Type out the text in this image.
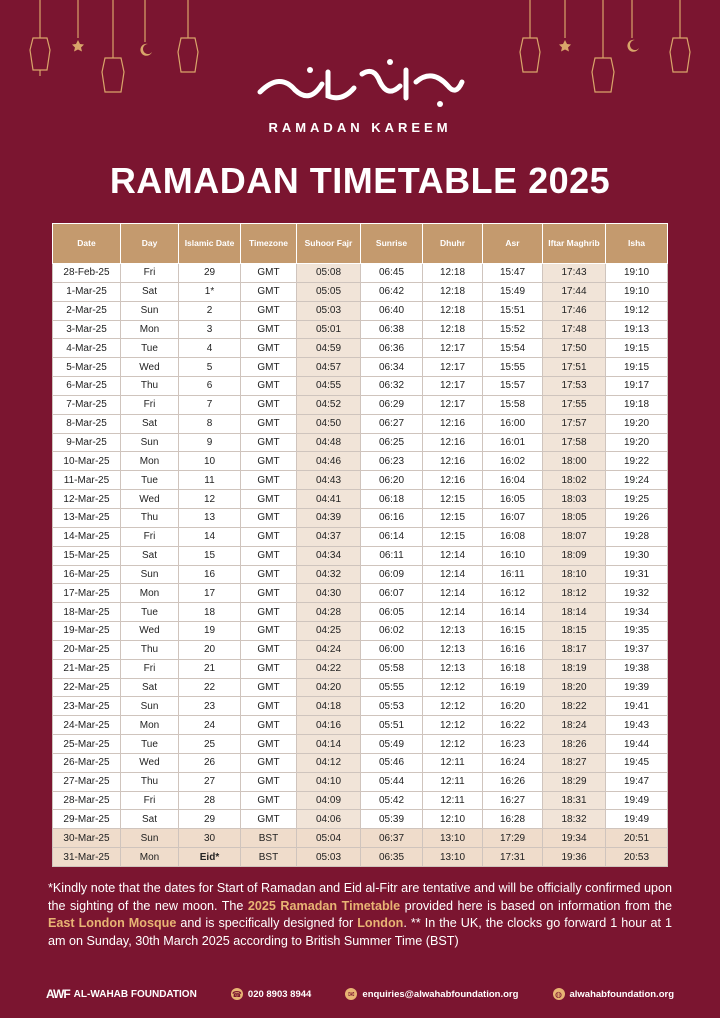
RAMADAN KAREEM
RAMADAN TIMETABLE 2025
Date	Day	Islamic Date	Timezone	Suhoor Fajr	Sunrise	Dhuhr	Asr	Iftar Maghrib	Isha
28-Feb-25	Fri	29	GMT	05:08	06:45	12:18	15:47	17:43	19:10
1-Mar-25	Sat	1*	GMT	05:05	06:42	12:18	15:49	17:44	19:10
2-Mar-25	Sun	2	GMT	05:03	06:40	12:18	15:51	17:46	19:12
3-Mar-25	Mon	3	GMT	05:01	06:38	12:18	15:52	17:48	19:13
4-Mar-25	Tue	4	GMT	04:59	06:36	12:17	15:54	17:50	19:15
5-Mar-25	Wed	5	GMT	04:57	06:34	12:17	15:55	17:51	19:15
6-Mar-25	Thu	6	GMT	04:55	06:32	12:17	15:57	17:53	19:17
7-Mar-25	Fri	7	GMT	04:52	06:29	12:17	15:58	17:55	19:18
8-Mar-25	Sat	8	GMT	04:50	06:27	12:16	16:00	17:57	19:20
9-Mar-25	Sun	9	GMT	04:48	06:25	12:16	16:01	17:58	19:20
10-Mar-25	Mon	10	GMT	04:46	06:23	12:16	16:02	18:00	19:22
11-Mar-25	Tue	11	GMT	04:43	06:20	12:16	16:04	18:02	19:24
12-Mar-25	Wed	12	GMT	04:41	06:18	12:15	16:05	18:03	19:25
13-Mar-25	Thu	13	GMT	04:39	06:16	12:15	16:07	18:05	19:26
14-Mar-25	Fri	14	GMT	04:37	06:14	12:15	16:08	18:07	19:28
15-Mar-25	Sat	15	GMT	04:34	06:11	12:14	16:10	18:09	19:30
16-Mar-25	Sun	16	GMT	04:32	06:09	12:14	16:11	18:10	19:31
17-Mar-25	Mon	17	GMT	04:30	06:07	12:14	16:12	18:12	19:32
18-Mar-25	Tue	18	GMT	04:28	06:05	12:14	16:14	18:14	19:34
19-Mar-25	Wed	19	GMT	04:25	06:02	12:13	16:15	18:15	19:35
20-Mar-25	Thu	20	GMT	04:24	06:00	12:13	16:16	18:17	19:37
21-Mar-25	Fri	21	GMT	04:22	05:58	12:13	16:18	18:19	19:38
22-Mar-25	Sat	22	GMT	04:20	05:55	12:12	16:19	18:20	19:39
23-Mar-25	Sun	23	GMT	04:18	05:53	12:12	16:20	18:22	19:41
24-Mar-25	Mon	24	GMT	04:16	05:51	12:12	16:22	18:24	19:43
25-Mar-25	Tue	25	GMT	04:14	05:49	12:12	16:23	18:26	19:44
26-Mar-25	Wed	26	GMT	04:12	05:46	12:11	16:24	18:27	19:45
27-Mar-25	Thu	27	GMT	04:10	05:44	12:11	16:26	18:29	19:47
28-Mar-25	Fri	28	GMT	04:09	05:42	12:11	16:27	18:31	19:49
29-Mar-25	Sat	29	GMT	04:06	05:39	12:10	16:28	18:32	19:49
30-Mar-25	Sun	30	BST	05:04	06:37	13:10	17:29	19:34	20:51
31-Mar-25	Mon	Eid*	BST	05:03	06:35	13:10	17:31	19:36	20:53
*Kindly note that the dates for Start of Ramadan and Eid al-Fitr are tentative and will be officially confirmed upon the sighting of the new moon. The 2025 Ramadan Timetable provided here is based on information from the East London Mosque and is specifically designed for London. ** In the UK, the clocks go forward 1 hour at 1 am on Sunday, 30th March 2025 according to British Summer Time (BST)
AWF AL-WAHAB FOUNDATION	☎ 020 8903 8944	✉ enquiries@alwahabfoundation.org	◍ alwahabfoundation.org
